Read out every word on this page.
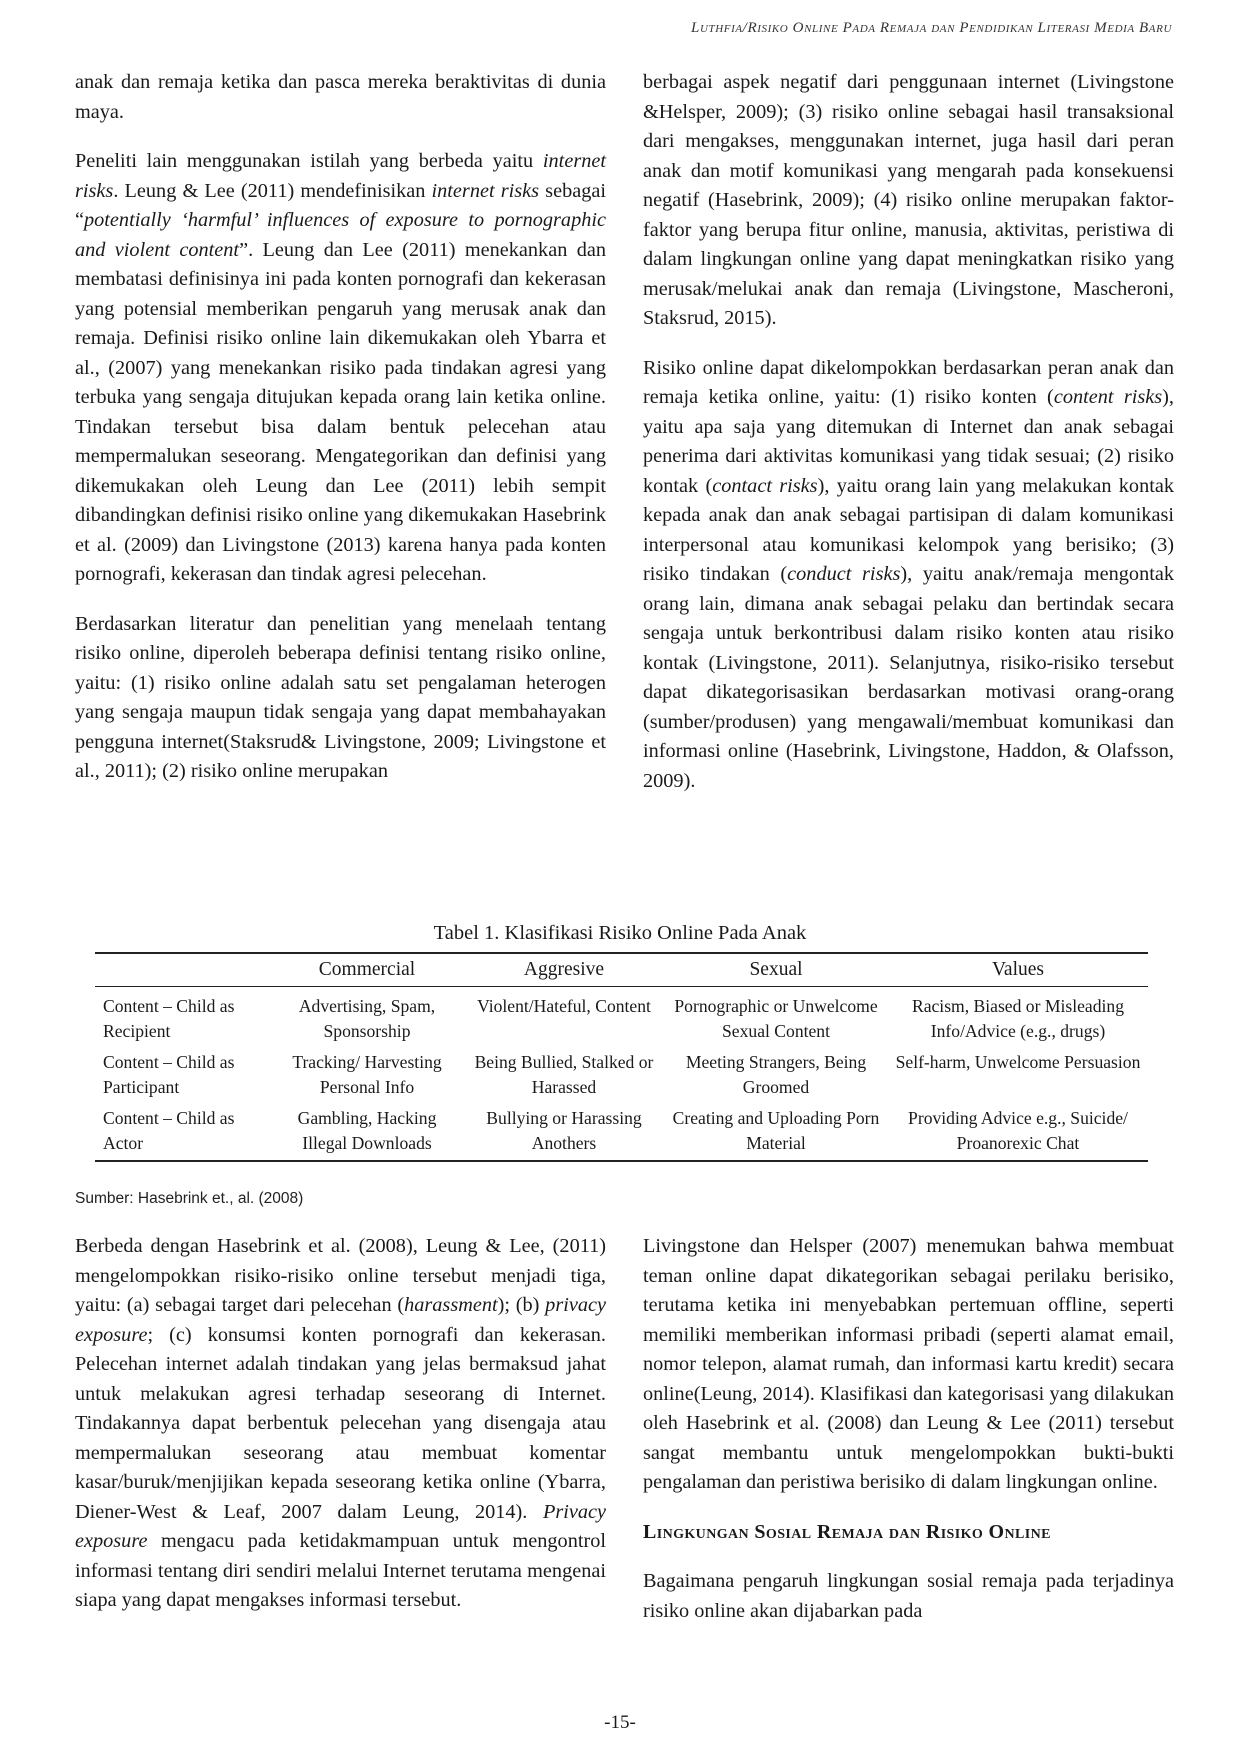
Luthfia/Risiko Online Pada Remaja dan Pendidikan Literasi Media Baru

anak dan remaja ketika dan pasca mereka beraktivitas di dunia maya.

Peneliti lain menggunakan istilah yang berbeda yaitu internet risks. Leung & Lee (2011) mendefinisikan internet risks sebagai “potentially ‘harmful’ influences of exposure to pornographic and violent content”. Leung dan Lee (2011) menekankan dan membatasi definisinya ini pada konten pornografi dan kekerasan yang potensial memberikan pengaruh yang merusak anak dan remaja. Definisi risiko online lain dikemukakan oleh Ybarra et al., (2007) yang menekankan risiko pada tindakan agresi yang terbuka yang sengaja ditujukan kepada orang lain ketika online. Tindakan tersebut bisa dalam bentuk pelecehan atau mempermalukan seseorang. Mengategorikan dan definisi yang dikemukakan oleh Leung dan Lee (2011) lebih sempit dibandingkan definisi risiko online yang dikemukakan Hasebrink et al. (2009) dan Livingstone (2013) karena hanya pada konten pornografi, kekerasan dan tindak agresi pelecehan.

Berdasarkan literatur dan penelitian yang menelaah tentang risiko online, diperoleh beberapa definisi tentang risiko online, yaitu: (1) risiko online adalah satu set pengalaman heterogen yang sengaja maupun tidak sengaja yang dapat membahayakan pengguna internet(Staksrud& Livingstone, 2009; Livingstone et al., 2011); (2) risiko online merupakan

berbagai aspek negatif dari penggunaan internet (Livingstone &Helsper, 2009); (3) risiko online sebagai hasil transaksional dari mengakses, menggunakan internet, juga hasil dari peran anak dan motif komunikasi yang mengarah pada konsekuensi negatif (Hasebrink, 2009); (4) risiko online merupakan faktor-faktor yang berupa fitur online, manusia, aktivitas, peristiwa di dalam lingkungan online yang dapat meningkatkan risiko yang merusak/melukai anak dan remaja (Livingstone, Mascheroni, Staksrud, 2015).

Risiko online dapat dikelompokkan berdasarkan peran anak dan remaja ketika online, yaitu: (1) risiko konten (content risks), yaitu apa saja yang ditemukan di Internet dan anak sebagai penerima dari aktivitas komunikasi yang tidak sesuai; (2) risiko kontak (contact risks), yaitu orang lain yang melakukan kontak kepada anak dan anak sebagai partisipan di dalam komunikasi interpersonal atau komunikasi kelompok yang berisiko; (3) risiko tindakan (conduct risks), yaitu anak/remaja mengontak orang lain, dimana anak sebagai pelaku dan bertindak secara sengaja untuk berkontribusi dalam risiko konten atau risiko kontak (Livingstone, 2011). Selanjutnya, risiko-risiko tersebut dapat dikategorisasikan berdasarkan motivasi orang-orang (sumber/produsen) yang mengawali/membuat komunikasi dan informasi online (Hasebrink, Livingstone, Haddon, & Olafsson, 2009).

Tabel 1. Klasifikasi Risiko Online Pada Anak
	Commercial	Aggresive	Sexual	Values
Content – Child as Recipient	Advertising, Spam, Sponsorship	Violent/Hateful, Content	Pornographic or Unwelcome Sexual Content	Racism, Biased or Misleading Info/Advice (e.g., drugs)
Content – Child as Participant	Tracking/ Harvesting Personal Info	Being Bullied, Stalked or Harassed	Meeting Strangers, Being Groomed	Self-harm, Unwelcome Persuasion
Content – Child as Actor	Gambling, Hacking Illegal Downloads	Bullying or Harassing Anothers	Creating and Uploading Porn Material	Providing Advice e.g., Suicide/ Proanorexic Chat
Sumber: Hasebrink et., al. (2008)

Berbeda dengan Hasebrink et al. (2008), Leung & Lee, (2011) mengelompokkan risiko-risiko online tersebut menjadi tiga, yaitu: (a) sebagai target dari pelecehan (harassment); (b) privacy exposure; (c) konsumsi konten pornografi dan kekerasan. Pelecehan internet adalah tindakan yang jelas bermaksud jahat untuk melakukan agresi terhadap seseorang di Internet. Tindakannya dapat berbentuk pelecehan yang disengaja atau mempermalukan seseorang atau membuat komentar kasar/buruk/menjijikan kepada seseorang ketika online (Ybarra, Diener-West & Leaf, 2007 dalam Leung, 2014). Privacy exposure mengacu pada ketidakmampuan untuk mengontrol informasi tentang diri sendiri melalui Internet terutama mengenai siapa yang dapat mengakses informasi tersebut.

Livingstone dan Helsper (2007) menemukan bahwa membuat teman online dapat dikategorikan sebagai perilaku berisiko, terutama ketika ini menyebabkan pertemuan offline, seperti memiliki memberikan informasi pribadi (seperti alamat email, nomor telepon, alamat rumah, dan informasi kartu kredit) secara online(Leung, 2014). Klasifikasi dan kategorisasi yang dilakukan oleh Hasebrink et al. (2008) dan Leung & Lee (2011) tersebut sangat membantu untuk mengelompokkan bukti-bukti pengalaman dan peristiwa berisiko di dalam lingkungan online.

Lingkungan Sosial Remaja dan Risiko Online

Bagaimana pengaruh lingkungan sosial remaja pada terjadinya risiko online akan dijabarkan pada

-15-
